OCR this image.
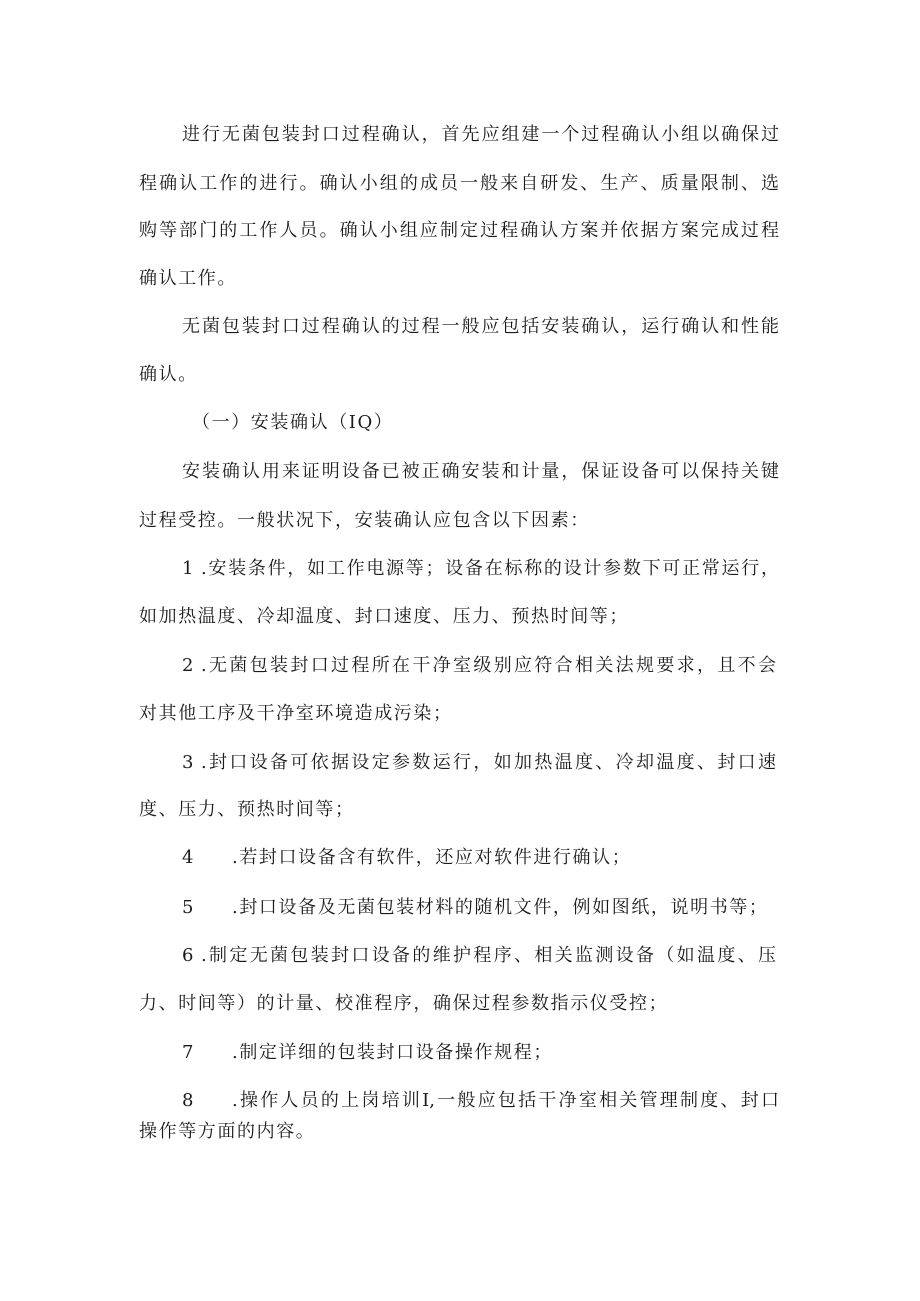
进行无菌包装封口过程确认，首先应组建一个过程确认小组以确保过
程确认工作的进行。确认小组的成员一般来自研发、生产、质量限制、选
购等部门的工作人员。确认小组应制定过程确认方案并依据方案完成过程
确认工作。
无菌包装封口过程确认的过程一般应包括安装确认，运行确认和性能
确认。
（一）安装确认（IQ）
安装确认用来证明设备已被正确安装和计量，保证设备可以保持关键
过程受控。一般状况下，安装确认应包含以下因素：
1 .安装条件，如工作电源等；设备在标称的设计参数下可正常运行，
如加热温度、冷却温度、封口速度、压力、预热时间等；
2 .无菌包装封口过程所在干净室级别应符合相关法规要求，且不会
对其他工序及干净室环境造成污染；
3 .封口设备可依据设定参数运行，如加热温度、冷却温度、封口速
度、压力、预热时间等；
4	.若封口设备含有软件，还应对软件进行确认；
5	.封口设备及无菌包装材料的随机文件，例如图纸，说明书等；
6 .制定无菌包装封口设备的维护程序、相关监测设备（如温度、压
力、时间等）的计量、校准程序，确保过程参数指示仪受控；
7	.制定详细的包装封口设备操作规程；
8	.操作人员的上岗培训I,一般应包括干净室相关管理制度、封口
操作等方面的内容。
